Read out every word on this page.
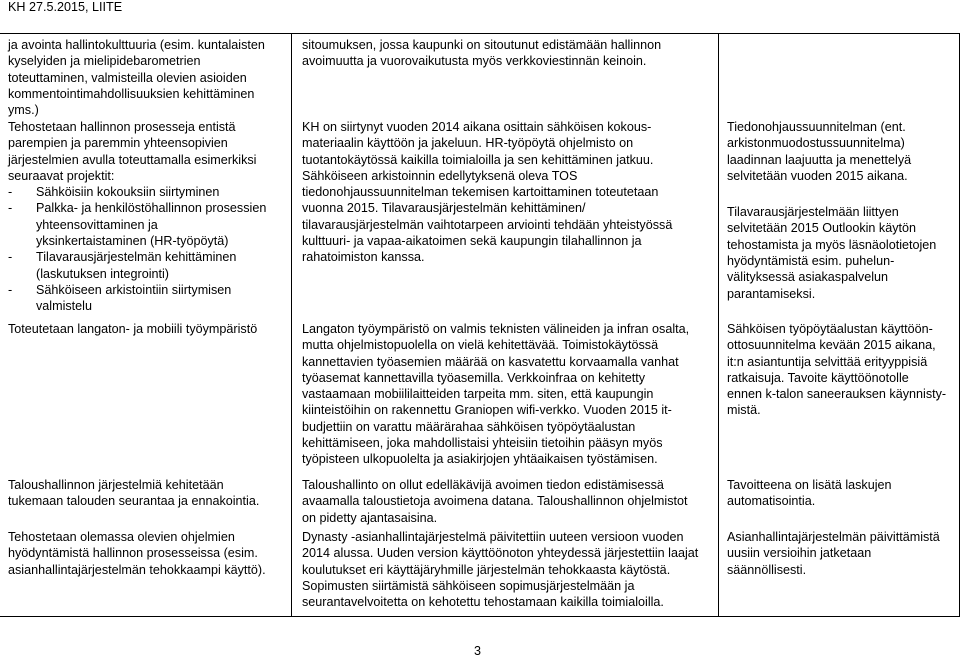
KH 27.5.2015, LIITE
ja avointa hallintokulttuuria (esim. kuntalaisten
kyselyiden ja mielipidebarometrien
toteuttaminen, valmisteilla olevien asioiden
kommentointimahdollisuuksien kehittäminen
yms.)
Tehostetaan hallinnon prosesseja entistä
parempien ja paremmin yhteensopivien
järjestelmien avulla toteuttamalla esimerkiksi
seuraavat projektit:
- Sähköisiin kokouksiin siirtyminen
- Palkka- ja henkilöstöhallinnon prosessien
yhteensovittaminen ja
yksinkertaistaminen (HR-työpöytä)
- Tilavarausjärjestelmän kehittäminen
(laskutuksen integrointi)
- Sähköiseen arkistointiin siirtymisen
valmistelu
Toteutetaan langaton- ja mobiili työympäristö
Taloushallinnon järjestelmiä kehitetään
tukemaan talouden seurantaa ja ennakointia.
Tehostetaan olemassa olevien ohjelmien
hyödyntämistä hallinnon prosesseissa (esim.
asianhallintajärjestelmän tehokkaampi käyttö).
sitoumuksen, jossa kaupunki on sitoutunut edistämään hallinnon
avoimuutta ja vuorovaikutusta myös verkkoviestinnän keinoin.
KH on siirtynyt vuoden 2014 aikana osittain sähköisen kokous-
materiaalin käyttöön ja jakeluun. HR-työpöytä ohjelmisto on
tuotantokäytössä kaikilla toimialoilla ja sen kehittäminen jatkuu.
Sähköiseen arkistoinnin edellytyksenä oleva TOS
tiedonohjaussuunnitelman tekemisen kartoittaminen toteutetaan
vuonna 2015. Tilavarausjärjestelmän kehittäminen/
tilavarausjärjestelmän vaihtotarpeen arviointi tehdään yhteistyössä
kulttuuri- ja vapaa-aikatoimen sekä kaupungin tilahallinnon ja
rahatoimiston kanssa.
Langaton työympäristö on valmis teknisten välineiden ja infran osalta,
mutta ohjelmistopuolella on vielä kehitettävää. Toimistokäytössä
kannettavien työasemien määrää on kasvatettu korvaamalla vanhat
työasemat kannettavilla työasemilla. Verkkoinfraa on kehitetty
vastaamaan mobiililaitteiden tarpeita mm. siten, että kaupungin
kiinteistöihin on rakennettu Graniopen wifi-verkko. Vuoden 2015 it-
budjettiin on varattu määrärahaa sähköisen työpöytäalustan
kehittämiseen, joka mahdollistaisi yhteisiin tietoihin pääsyn myös
työpisteen ulkopuolelta ja asiakirjojen yhtäaikaisen työstämisen.
Taloushallinto on ollut edelläkävijä avoimen tiedon edistämisessä
avaamalla taloustietoja avoimena datana. Taloushallinnon ohjelmistot
on pidetty ajantasaisina.
Dynasty -asianhallintajärjestelmä päivitettiin uuteen versioon vuoden
2014 alussa. Uuden version käyttöönoton yhteydessä järjestettiin laajat
koulutukset eri käyttäjäryhmille järjestelmän tehokkaasta käytöstä.
Sopimusten siirtämistä sähköiseen sopimusjärjestelmään ja
seurantavelvoitetta on kehotettu tehostamaan kaikilla toimialoilla.
Tiedonohjaussuunnitelman (ent.
arkistonmuodostussuunnitelma)
laadinnan laajuutta ja menettelyä
selvitetään vuoden 2015 aikana.
Tilavarausjärjestelmään liittyen
selvitetään 2015 Outlookin käytön
tehostamista ja myös läsnäolotietojen
hyödyntämistä esim. puhelun-
välityksessä asiakaspalvelun
parantamiseksi.
Sähköisen työpöytäalustan käyttöön-
ottosuunnitelma kevään 2015 aikana,
it:n asiantuntija selvittää erityyppisiä
ratkaisuja. Tavoite käyttöönotolle
ennen k-talon saneerauksen käynnisty-
mistä.
Tavoitteena on lisätä laskujen
automatisointia.
Asianhallintajärjestelmän päivittämistä
uusiin versioihin jatketaan
säännöllisesti.
3
